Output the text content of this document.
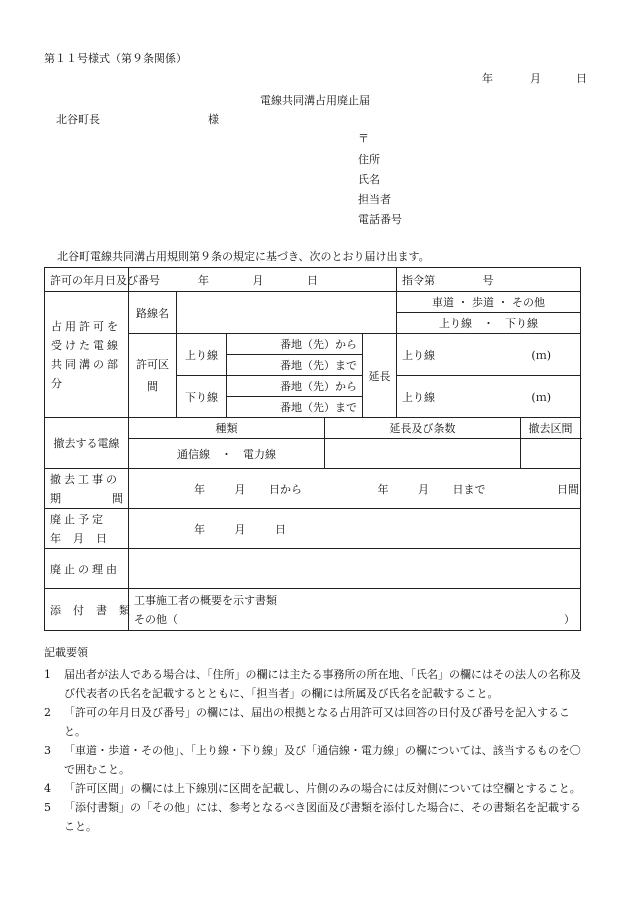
第１１号様式（第９条関係）
年	月	日
電線共同溝占用廃止届
北谷町長	様
〒
住所
氏名
担当者
電話番号
北谷町電線共同溝占用規則第９条の規定に基づき、次のとおり届け出ます。
許可の年月日及び番号	年 月 日					指令第 号	
占用許可を受けた電線共同溝の部分	路線名					車道 ・ 歩道 ・ その他	
						上り線　・　下り線	
	許可区間	上り線	番地（先）から		延長	上り線 (ｍ)	

			番地（先）まで				
		下り線	番地（先）から			上り線 (ｍ)	

			番地（先）まで				
撤去する電線	種類			延長及び条数			撤去区間
	通信線　・　電力線						

撤去工事の
期　　間	年 月 日から 年 月 日まで 日間						

廃止予定
年月日	年 月 日						
廃止の理由							
添付書類	工事施工者の概要を示す書類
その他（ ）						
記載要領
1	届出者が法人である場合は、「住所」の欄には主たる事務所の所在地、「氏名」の欄にはその法人の名称及び代表者の氏名を記載するとともに、「担当者」の欄には所属及び氏名を記載すること。
2	「許可の年月日及び番号」の欄には、届出の根拠となる占用許可又は回答の日付及び番号を記入すること。
3	「車道・歩道・その他」、「上り線・下り線」及び「通信線・電力線」の欄については、該当するものを〇で囲むこと。
4	「許可区間」の欄には上下線別に区間を記載し、片側のみの場合には反対側については空欄とすること。
5	「添付書類」の「その他」には、参考となるべき図面及び書類を添付した場合に、その書類名を記載すること。
